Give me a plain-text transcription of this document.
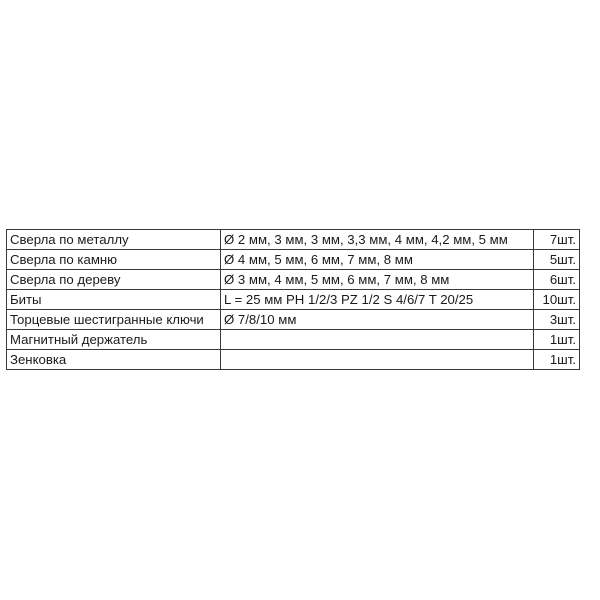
Сверла по металлу	Ø 2 мм, 3 мм, 3 мм, 3,3 мм, 4 мм, 4,2 мм, 5 мм	7шт.
Сверла по камню	Ø 4 мм, 5 мм, 6 мм, 7 мм, 8 мм	5шт.
Сверла по дереву	Ø 3 мм, 4 мм, 5 мм, 6 мм, 7 мм, 8 мм	6шт.
Биты	L = 25 мм PH 1/2/3 PZ 1/2 S 4/6/7 T 20/25	10шт.
Торцевые шестигранные ключи	Ø 7/8/10 мм	3шт.
Магнитный держатель		1шт.
Зенковка		1шт.
